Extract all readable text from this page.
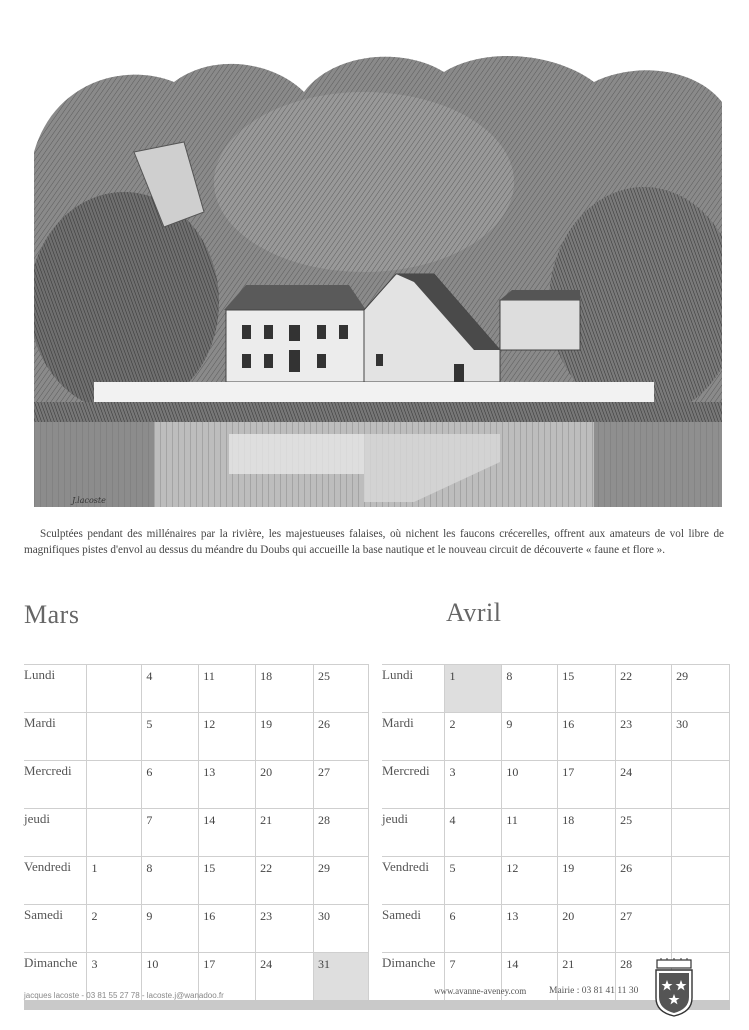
J.lacoste
Sculptées pendant des millénaires par la rivière, les majestueuses falaises, où nichent les faucons crécerelles, offrent aux amateurs de vol libre de magnifiques pistes d'envol au dessus du méandre du Doubs qui accueille la base nautique et le nouveau circuit de découverte « faune et flore ».
Mars	Avril
Lundi		4	11	18	25
Mardi		5	12	19	26
Mercredi		6	13	20	27
jeudi		7	14	21	28
Vendredi	1	8	15	22	29
Samedi	2	9	16	23	30
Dimanche	3	10	17	24	31
Lundi	1	8	15	22	29
Mardi	2	9	16	23	30
Mercredi	3	10	17	24	
jeudi	4	11	18	25	
Vendredi	5	12	19	26	
Samedi	6	13	20	27	
Dimanche	7	14	21	28	
jacques lacoste - 03 81 55 27 78 - lacoste.j@wanadoo.fr	www.avanne-aveney.com Mairie : 03 81 41 11 30
